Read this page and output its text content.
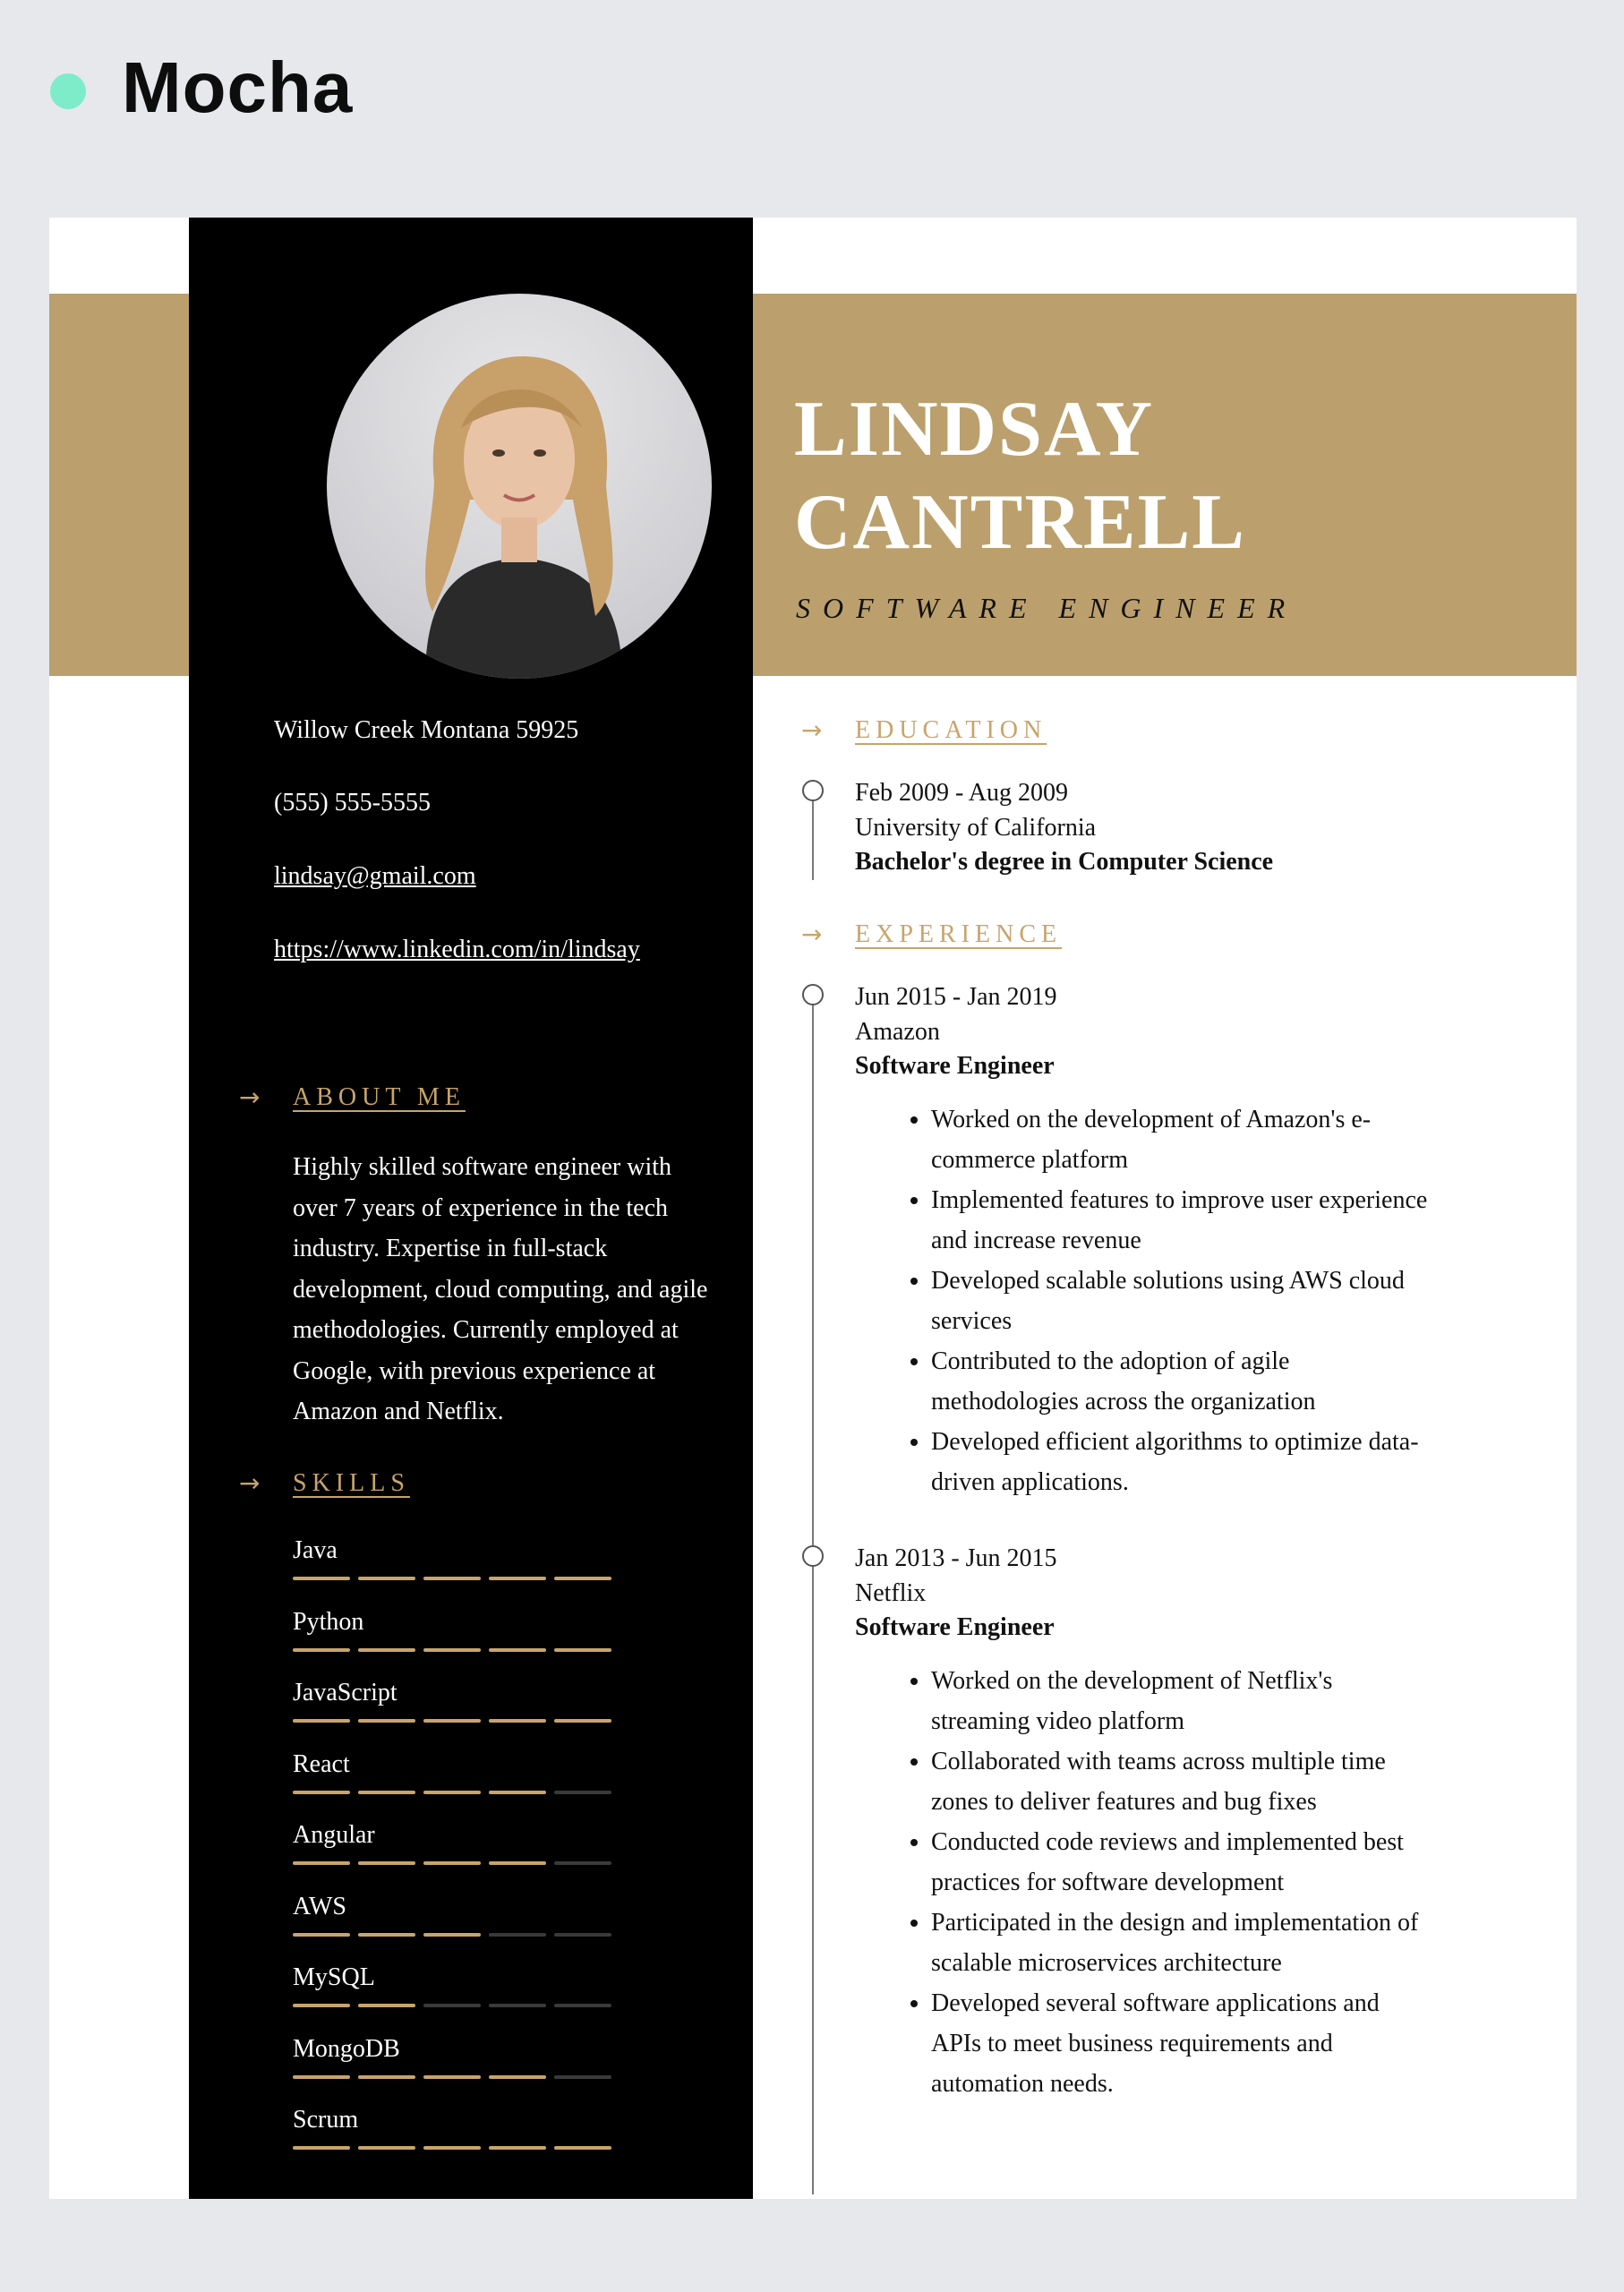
Mocha
LINDSAY
CANTRELL
SOFTWARE ENGINEER
Willow Creek Montana 59925
(555) 555-5555
lindsay@gmail.com
https://www.linkedin.com/in/lindsay
→	ABOUT ME
Highly skilled software engineer with over 7 years of experience in the tech industry. Expertise in full-stack development, cloud computing, and agile methodologies. Currently employed at Google, with previous experience at Amazon and Netflix.
→	SKILLS
Java
Python
JavaScript
React
Angular
AWS
MySQL
MongoDB
Scrum
→	EDUCATION
Feb 2009 - Aug 2009
University of California
Bachelor's degree in Computer Science
→	EXPERIENCE
Jun 2015 - Jan 2019
Amazon
Software Engineer
• Worked on the development of Amazon's e-commerce platform
• Implemented features to improve user experience and increase revenue
• Developed scalable solutions using AWS cloud services
• Contributed to the adoption of agile methodologies across the organization
• Developed efficient algorithms to optimize data-driven applications.
Jan 2013 - Jun 2015
Netflix
Software Engineer
• Worked on the development of Netflix's streaming video platform
• Collaborated with teams across multiple time zones to deliver features and bug fixes
• Conducted code reviews and implemented best practices for software development
• Participated in the design and implementation of scalable microservices architecture
• Developed several software applications and APIs to meet business requirements and automation needs.
